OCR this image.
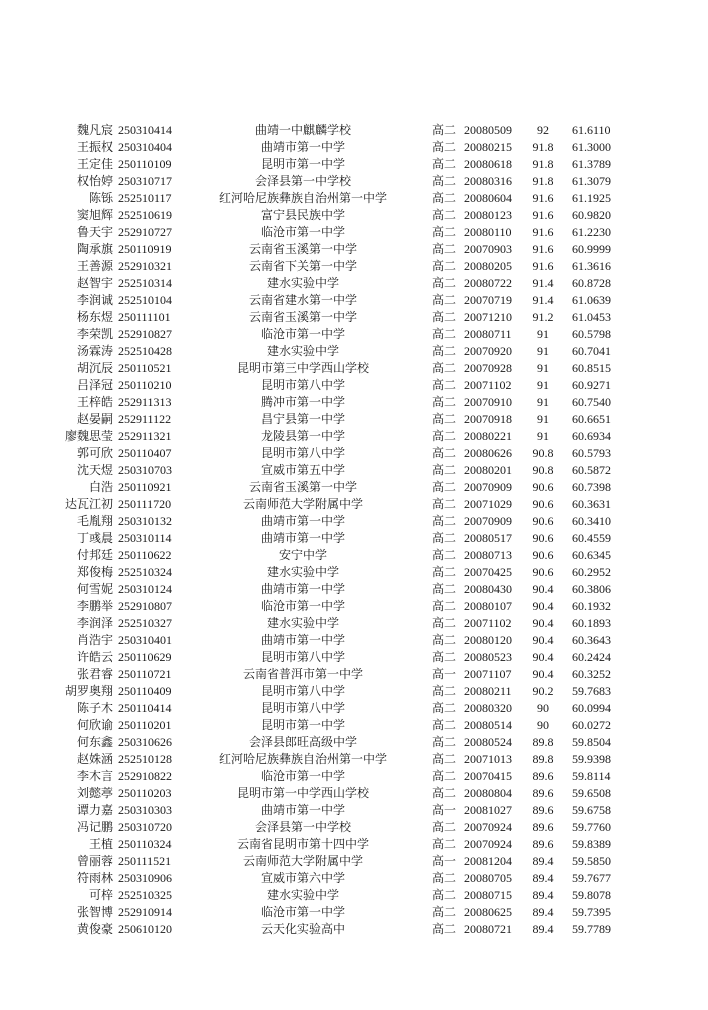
魏凡宸 250310414	曲靖一中麒麟学校	高二 20080509	92	61.6110
王振权 250310404	曲靖市第一中学	高二 20080215	91.8	61.3000
王定佳 250110109	昆明市第一中学	高二 20080618	91.8	61.3789
权怡婷 250310717	会泽县第一中学校	高二 20080316	91.8	61.3079
陈铄 252510117	红河哈尼族彝族自治州第一中学	高二 20080604	91.6	61.1925
窦旭辉 252510619	富宁县民族中学	高二 20080123	91.6	60.9820
鲁天宇 252910727	临沧市第一中学	高二 20080110	91.6	61.2230
陶承旗 250110919	云南省玉溪第一中学	高二 20070903	91.6	60.9999
王善源 252910321	云南省下关第一中学	高二 20080205	91.6	61.3616
赵智宇 252510314	建水实验中学	高二 20080722	91.4	60.8728
李润诚 252510104	云南省建水第一中学	高二 20070719	91.4	61.0639
杨东煜 250111101	云南省玉溪第一中学	高二 20071210	91.2	61.0453
李荣凯 252910827	临沧市第一中学	高二 20080711	91	60.5798
汤霖涛 252510428	建水实验中学	高二 20070920	91	60.7041
胡沉辰 250110521	昆明市第三中学西山学校	高二 20070928	91	60.8515
吕泽冠 250110210	昆明市第八中学	高二 20071102	91	60.9271
王梓皓 252911313	腾冲市第一中学	高二 20070910	91	60.7540
赵晏嗣 252911122	昌宁县第一中学	高二 20070918	91	60.6651
廖魏思莹 252911321	龙陵县第一中学	高二 20080221	91	60.6934
郭可欣 250110407	昆明市第八中学	高二 20080626	90.8	60.5793
沈天煜 250310703	宣威市第五中学	高二 20080201	90.8	60.5872
白浩 250110921	云南省玉溪第一中学	高二 20070909	90.6	60.7398
达瓦江初 250111720	云南师范大学附属中学	高二 20071029	90.6	60.3631
毛胤翔 250310132	曲靖市第一中学	高二 20070909	90.6	60.3410
丁彧晨 250310114	曲靖市第一中学	高二 20080517	90.6	60.4559
付邦廷 250110622	安宁中学	高二 20080713	90.6	60.6345
郑俊梅 252510324	建水实验中学	高二 20070425	90.6	60.2952
何雪妮 250310124	曲靖市第一中学	高二 20080430	90.4	60.3806
李鹏举 252910807	临沧市第一中学	高二 20080107	90.4	60.1932
李润泽 252510327	建水实验中学	高二 20071102	90.4	60.1893
肖浩宇 250310401	曲靖市第一中学	高二 20080120	90.4	60.3643
许皓云 250110629	昆明市第八中学	高二 20080523	90.4	60.2424
张君睿 250110721	云南省普洱市第一中学	高一 20071107	90.4	60.3252
胡罗奥翔 250110409	昆明市第八中学	高二 20080211	90.2	59.7683
陈子木 250110414	昆明市第八中学	高二 20080320	90	60.0994
何欣谕 250110201	昆明市第一中学	高二 20080514	90	60.0272
何东鑫 250310626	会泽县郎旺高级中学	高二 20080524	89.8	59.8504
赵姝涵 252510128	红河哈尼族彝族自治州第一中学	高二 20071013	89.8	59.9398
李木言 252910822	临沧市第一中学	高二 20070415	89.6	59.8114
刘懿葶 250110203	昆明市第一中学西山学校	高二 20080804	89.6	59.6508
谭力嘉 250310303	曲靖市第一中学	高一 20081027	89.6	59.6758
冯记鹏 250310720	会泽县第一中学校	高二 20070924	89.6	59.7760
王植 250110324	云南省昆明市第十四中学	高二 20070924	89.6	59.8389
曾丽蓉 250111521	云南师范大学附属中学	高一 20081204	89.4	59.5850
符雨林 250310906	宣威市第六中学	高二 20080705	89.4	59.7677
可梓 252510325	建水实验中学	高二 20080715	89.4	59.8078
张智博 252910914	临沧市第一中学	高二 20080625	89.4	59.7395
黄俊豪 250610120	云天化实验高中	高二 20080721	89.4	59.7789
